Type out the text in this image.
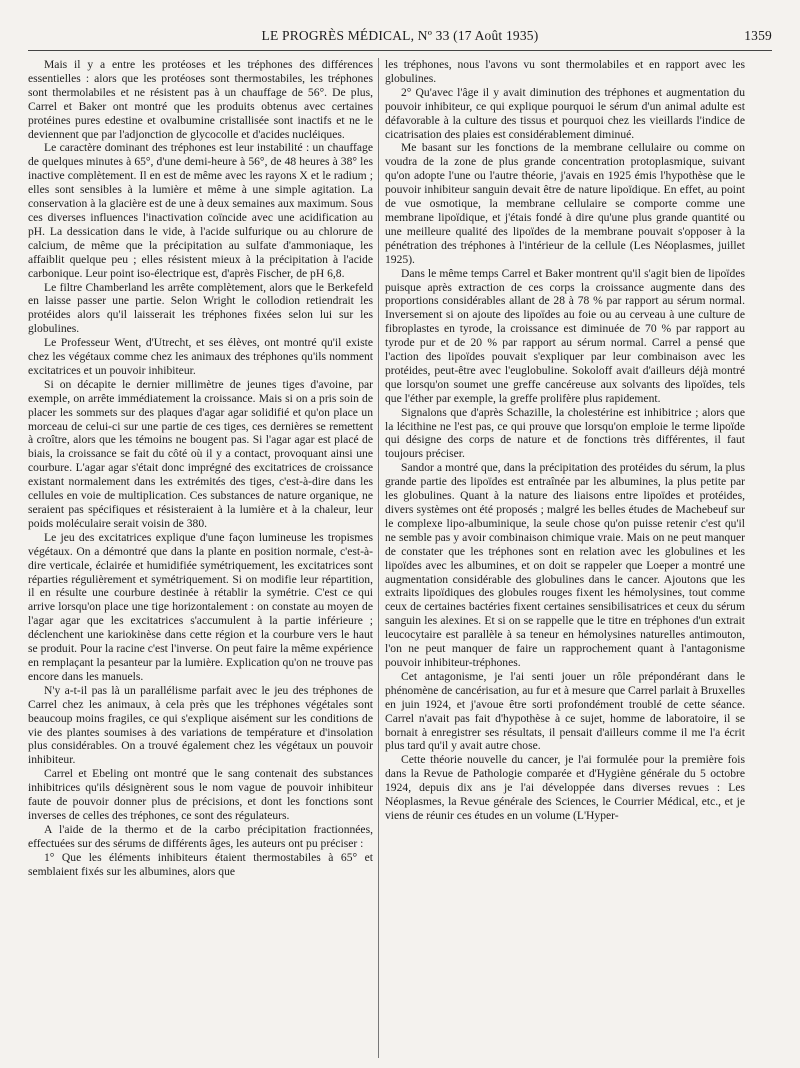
LE PROGRÈS MÉDICAL, Nº 33 (17 Août 1935)	1359

Mais il y a entre les protéoses et les tréphones des différences essentielles : alors que les protéoses sont thermostabiles, les tréphones sont thermolabiles et ne résistent pas à un chauffage de 56°. De plus, Carrel et Baker ont montré que les produits obtenus avec certaines protéines pures edestine et ovalbumine cristallisée sont inactifs et ne le deviennent que par l'adjonction de glycocolle et d'acides nucléiques.

Le caractère dominant des tréphones est leur instabilité : un chauffage de quelques minutes à 65°, d'une demi-heure à 56°, de 48 heures à 38° les inactive complètement. Il en est de même avec les rayons X et le radium ; elles sont sensibles à la lumière et même à une simple agitation. La conservation à la glacière est de une à deux semaines aux maximum. Sous ces diverses influences l'inactivation coïncide avec une acidification au pH. La dessication dans le vide, à l'acide sulfurique ou au chlorure de calcium, de même que la précipitation au sulfate d'ammoniaque, les affaiblit quelque peu ; elles résistent mieux à la précipitation à l'acide carbonique. Leur point iso-électrique est, d'après Fischer, de pH 6,8.

Le filtre Chamberland les arrête complètement, alors que le Berkefeld en laisse passer une partie. Selon Wright le collodion retiendrait les protéides alors qu'il laisserait les tréphones fixées selon lui sur les globulines.

Le Professeur Went, d'Utrecht, et ses élèves, ont montré qu'il existe chez les végétaux comme chez les animaux des tréphones qu'ils nomment excitatrices et un pouvoir inhibiteur.

Si on décapite le dernier millimètre de jeunes tiges d'avoine, par exemple, on arrête immédiatement la croissance. Mais si on a pris soin de placer les sommets sur des plaques d'agar agar solidifié et qu'on place un morceau de celui-ci sur une partie de ces tiges, ces dernières se remettent à croître, alors que les témoins ne bougent pas. Si l'agar agar est placé de biais, la croissance se fait du côté où il y a contact, provoquant ainsi une courbure. L'agar agar s'était donc imprégné des excitatrices de croissance existant normalement dans les extrémités des tiges, c'est-à-dire dans les cellules en voie de multiplication. Ces substances de nature organique, ne seraient pas spécifiques et résisteraient à la lumière et à la chaleur, leur poids moléculaire serait voisin de 380.

Le jeu des excitatrices explique d'une façon lumineuse les tropismes végétaux. On a démontré que dans la plante en position normale, c'est-à-dire verticale, éclairée et humidifiée symétriquement, les excitatrices sont réparties régulièrement et symétriquement. Si on modifie leur répartition, il en résulte une courbure destinée à rétablir la symétrie. C'est ce qui arrive lorsqu'on place une tige horizontalement : on constate au moyen de l'agar agar que les excitatrices s'accumulent à la partie inférieure ; déclenchent une kariokinèse dans cette région et la courbure vers le haut se produit. Pour la racine c'est l'inverse. On peut faire la même expérience en remplaçant la pesanteur par la lumière. Explication qu'on ne trouve pas encore dans les manuels.

N'y a-t-il pas là un parallélisme parfait avec le jeu des tréphones de Carrel chez les animaux, à cela près que les tréphones végétales sont beaucoup moins fragiles, ce qui s'explique aisément sur les conditions de vie des plantes soumises à des variations de température et d'insolation plus considérables. On a trouvé également chez les végétaux un pouvoir inhibiteur.

Carrel et Ebeling ont montré que le sang contenait des substances inhibitrices qu'ils désignèrent sous le nom vague de pouvoir inhibiteur faute de pouvoir donner plus de précisions, et dont les fonctions sont inverses de celles des tréphones, ce sont des régulateurs.

A l'aide de la thermo et de la carbo précipitation fractionnées, effectuées sur des sérums de différents âges, les auteurs ont pu préciser :

1° Que les éléments inhibiteurs étaient thermostabiles à 65° et semblaient fixés sur les albumines, alors que

les tréphones, nous l'avons vu sont thermolabiles et en rapport avec les globulines.

2° Qu'avec l'âge il y avait diminution des tréphones et augmentation du pouvoir inhibiteur, ce qui explique pourquoi le sérum d'un animal adulte est défavorable à la culture des tissus et pourquoi chez les vieillards l'indice de cicatrisation des plaies est considérablement diminué.

Me basant sur les fonctions de la membrane cellulaire ou comme on voudra de la zone de plus grande concentration protoplasmique, suivant qu'on adopte l'une ou l'autre théorie, j'avais en 1925 émis l'hypothèse que le pouvoir inhibiteur sanguin devait être de nature lipoïdique. En effet, au point de vue osmotique, la membrane cellulaire se comporte comme une membrane lipoïdique, et j'étais fondé à dire qu'une plus grande quantité ou une meilleure qualité des lipoïdes de la membrane pouvait s'opposer à la pénétration des tréphones à l'intérieur de la cellule (Les Néoplasmes, juillet 1925).

Dans le même temps Carrel et Baker montrent qu'il s'agit bien de lipoïdes puisque après extraction de ces corps la croissance augmente dans des proportions considérables allant de 28 à 78 % par rapport au sérum normal. Inversement si on ajoute des lipoïdes au foie ou au cerveau à une culture de fibroplastes en tyrode, la croissance est diminuée de 70 % par rapport au tyrode pur et de 20 % par rapport au sérum normal. Carrel a pensé que l'action des lipoïdes pouvait s'expliquer par leur combinaison avec les protéides, peut-être avec l'euglobuline. Sokoloff avait d'ailleurs déjà montré que lorsqu'on soumet une greffe cancéreuse aux solvants des lipoïdes, tels que l'éther par exemple, la greffe prolifère plus rapidement.

Signalons que d'après Schazille, la cholestérine est inhibitrice ; alors que la lécithine ne l'est pas, ce qui prouve que lorsqu'on emploie le terme lipoïde qui désigne des corps de nature et de fonctions très différentes, il faut toujours préciser.

Sandor a montré que, dans la précipitation des protéides du sérum, la plus grande partie des lipoïdes est entraînée par les albumines, la plus petite par les globulines. Quant à la nature des liaisons entre lipoïdes et protéides, divers systèmes ont été proposés ; malgré les belles études de Machebeuf sur le complexe lipo-albuminique, la seule chose qu'on puisse retenir c'est qu'il ne semble pas y avoir combinaison chimique vraie. Mais on ne peut manquer de constater que les tréphones sont en relation avec les globulines et les lipoïdes avec les albumines, et on doit se rappeler que Loeper a montré une augmentation considérable des globulines dans le cancer. Ajoutons que les extraits lipoïdiques des globules rouges fixent les hémolysines, tout comme ceux de certaines bactéries fixent certaines sensibilisatrices et ceux du sérum sanguin les alexines. Et si on se rappelle que le titre en tréphones d'un extrait leucocytaire est parallèle à sa teneur en hémolysines naturelles antimouton, l'on ne peut manquer de faire un rapprochement quant à l'antagonisme pouvoir inhibiteur-tréphones.

Cet antagonisme, je l'ai senti jouer un rôle prépondérant dans le phénomène de cancérisation, au fur et à mesure que Carrel parlait à Bruxelles en juin 1924, et j'avoue être sorti profondément troublé de cette séance. Carrel n'avait pas fait d'hypothèse à ce sujet, homme de laboratoire, il se bornait à enregistrer ses résultats, il pensait d'ailleurs comme il me l'a écrit plus tard qu'il y avait autre chose.

Cette théorie nouvelle du cancer, je l'ai formulée pour la première fois dans la Revue de Pathologie comparée et d'Hygiène générale du 5 octobre 1924, depuis dix ans je l'ai développée dans diverses revues : Les Néoplasmes, la Revue générale des Sciences, le Courrier Médical, etc., et je viens de réunir ces études en un volume (L'Hyper-
